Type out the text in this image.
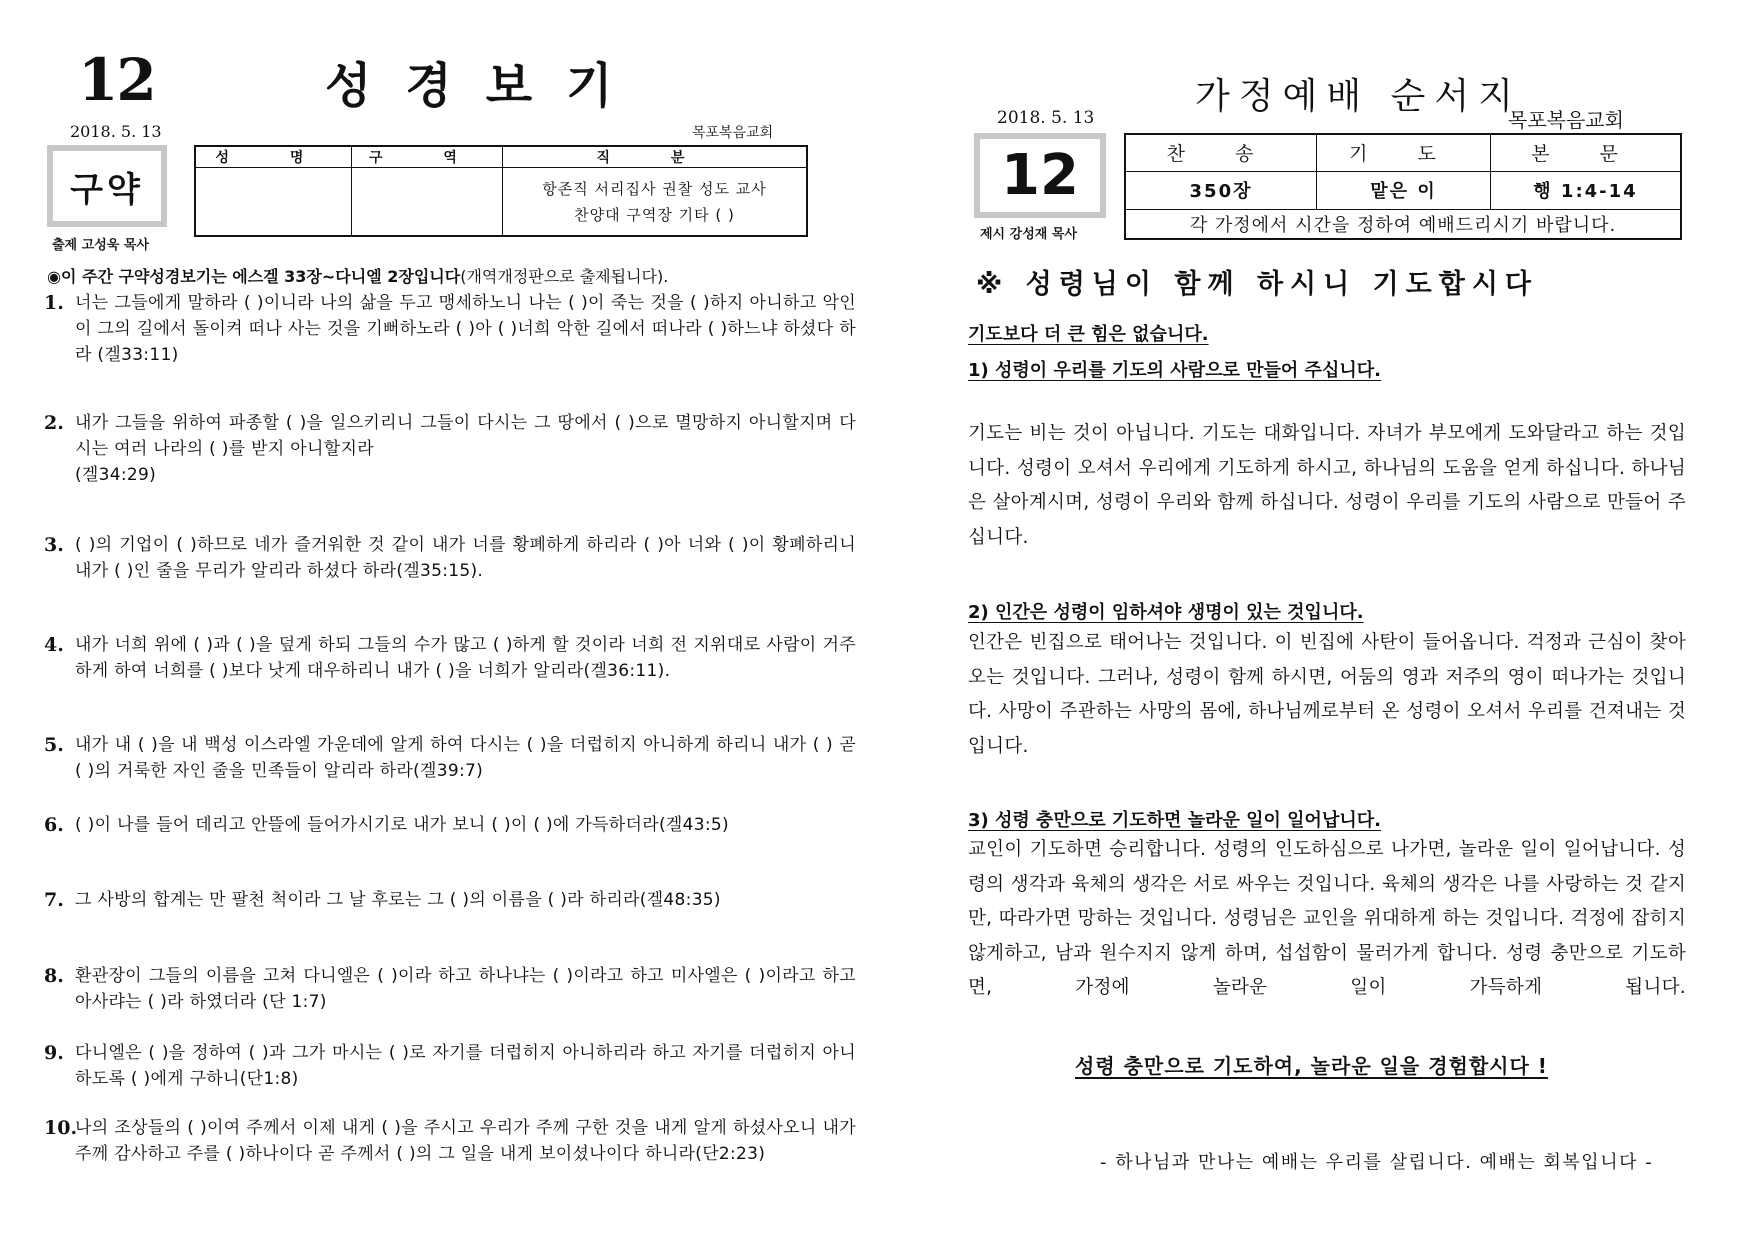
12	성경보기
2018. 5. 13	목포복음교회
구약
출제 고성욱 목사
성 명	구 역	직 분
		항존직 서리집사 권찰 성도 교사
찬양대 구역장 기타 ( )
◉이 주간 구약성경보기는 에스겔 33장~다니엘 2장입니다(개역개정판으로 출제됩니다).
1. 너는 그들에게 말하라 ( )이니라 나의 삶을 두고 맹세하노니 나는 ( )이 죽는 것을 ( )하지 아니하고 악인이 그의 길에서 돌이켜 떠나 사는 것을 기뻐하노라 ( )아 ( )너희 악한 길에서 떠나라 ( )하느냐 하셨다 하라 (겔33:11)
2. 내가 그들을 위하여 파종할 ( )을 일으키리니 그들이 다시는 그 땅에서 ( )으로 멸망하지 아니할지며 다시는 여러 나라의 ( )를 받지 아니할지라
(겔34:29)
3. ( )의 기업이 ( )하므로 네가 즐거워한 것 같이 내가 너를 황폐하게 하리라 ( )아 너와 ( )이 황폐하리니 내가 ( )인 줄을 무리가 알리라 하셨다 하라(겔35:15).
4. 내가 너희 위에 ( )과 ( )을 덮게 하되 그들의 수가 많고 ( )하게 할 것이라 너희 전 지위대로 사람이 거주하게 하여 너희를 ( )보다 낫게 대우하리니 내가 ( )을 너희가 알리라(겔36:11).
5. 내가 내 ( )을 내 백성 이스라엘 가운데에 알게 하여 다시는 ( )을 더럽히지 아니하게 하리니 내가 ( ) 곧 ( )의 거룩한 자인 줄을 민족들이 알리라 하라(겔39:7)
6. ( )이 나를 들어 데리고 안뜰에 들어가시기로 내가 보니 ( )이 ( )에 가득하더라(겔43:5)
7. 그 사방의 합계는 만 팔천 척이라 그 날 후로는 그 ( )의 이름을 ( )라 하리라(겔48:35)
8. 환관장이 그들의 이름을 고쳐 다니엘은 ( )이라 하고 하나냐는 ( )이라고 하고 미사엘은 ( )이라고 하고 아사랴는 ( )라 하였더라 (단 1:7)
9. 다니엘은 ( )을 정하여 ( )과 그가 마시는 ( )로 자기를 더럽히지 아니하리라 하고 자기를 더럽히지 아니하도록 ( )에게 구하니(단1:8)
10.
나의 조상들의 ( )이여 주께서 이제 내게 ( )을 주시고 우리가 주께 구한 것을 내게 알게 하셨사오니 내가 주께 감사하고 주를 ( )하나이다 곧 주께서 ( )의 그 일을 내게 보이셨나이다 하니라(단2:23)
가정예배 순서지
2018. 5. 13	목포복음교회
12
제시 강성재 목사
찬 송	기 도	본 문
350장	맡은 이	행 1:4-14
각 가정에서 시간을 정하여 예배드리시기 바랍니다.		
※ 성령님이 함께 하시니 기도합시다
기도보다 더 큰 힘은 없습니다.
1) 성령이 우리를 기도의 사람으로 만들어 주십니다.
기도는 비는 것이 아닙니다. 기도는 대화입니다. 자녀가 부모에게 도와달라고 하는 것입니다. 성령이 오셔서 우리에게 기도하게 하시고, 하나님의 도움을 얻게 하십니다. 하나님은 살아계시며, 성령이 우리와 함께 하십니다. 성령이 우리를 기도의 사람으로 만들어 주십니다.
2) 인간은 성령이 임하셔야 생명이 있는 것입니다.
인간은 빈집으로 태어나는 것입니다. 이 빈집에 사탄이 들어옵니다. 걱정과 근심이 찾아오는 것입니다. 그러나, 성령이 함께 하시면, 어둠의 영과 저주의 영이 떠나가는 것입니다. 사망이 주관하는 사망의 몸에, 하나님께로부터 온 성령이 오셔서 우리를 건져내는 것입니다.
3) 성령 충만으로 기도하면 놀라운 일이 일어납니다.
교인이 기도하면 승리합니다. 성령의 인도하심으로 나가면, 놀라운 일이 일어납니다. 성령의 생각과 육체의 생각은 서로 싸우는 것입니다. 육체의 생각은 나를 사랑하는 것 같지만, 따라가면 망하는 것입니다. 성령님은 교인을 위대하게 하는 것입니다. 걱정에 잡히지 않게하고, 남과 원수지지 않게 하며, 섭섭함이 물러가게 합니다. 성령 충만으로 기도하면, 가정에 놀라운 일이 가득하게 됩니다.
성령 충만으로 기도하여, 놀라운 일을 경험합시다 !
- 하나님과 만나는 예배는 우리를 살립니다. 예배는 회복입니다 -
